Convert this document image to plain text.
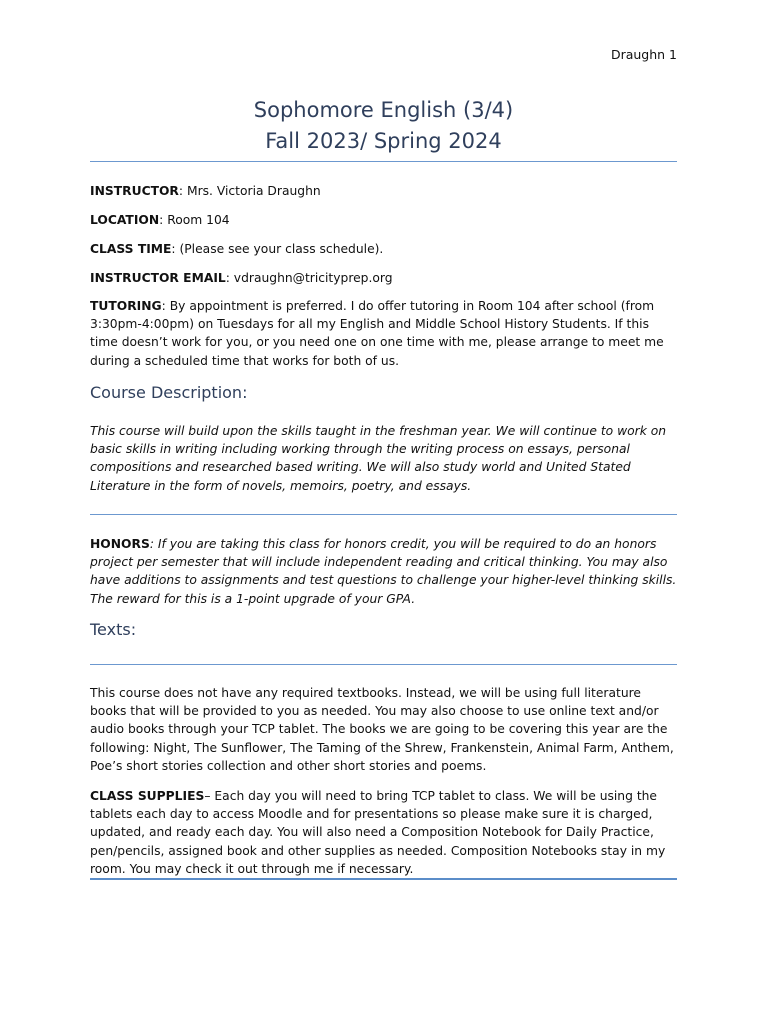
Draughn 1
Sophomore English (3/4)
Fall 2023/ Spring 2024
INSTRUCTOR: Mrs. Victoria Draughn
LOCATION: Room 104
CLASS TIME: (Please see your class schedule).
INSTRUCTOR EMAIL: vdraughn@tricityprep.org
TUTORING: By appointment is preferred. I do offer tutoring in Room 104 after school (from 3:30pm-4:00pm) on Tuesdays for all my English and Middle School History Students. If this time doesn’t work for you, or you need one on one time with me, please arrange to meet me during a scheduled time that works for both of us.
Course Description:
This course will build upon the skills taught in the freshman year. We will continue to work on basic skills in writing including working through the writing process on essays, personal compositions and researched based writing. We will also study world and United Stated Literature in the form of novels, memoirs, poetry, and essays.
HONORS: If you are taking this class for honors credit, you will be required to do an honors project per semester that will include independent reading and critical thinking. You may also have additions to assignments and test questions to challenge your higher-level thinking skills. The reward for this is a 1-point upgrade of your GPA.
Texts:
This course does not have any required textbooks. Instead, we will be using full literature books that will be provided to you as needed. You may also choose to use online text and/or audio books through your TCP tablet. The books we are going to be covering this year are the following: Night, The Sunflower, The Taming of the Shrew, Frankenstein, Animal Farm, Anthem, Poe’s short stories collection and other short stories and poems.
CLASS SUPPLIES– Each day you will need to bring TCP tablet to class. We will be using the tablets each day to access Moodle and for presentations so please make sure it is charged, updated, and ready each day. You will also need a Composition Notebook for Daily Practice, pen/pencils, assigned book and other supplies as needed. Composition Notebooks stay in my room. You may check it out through me if necessary.
